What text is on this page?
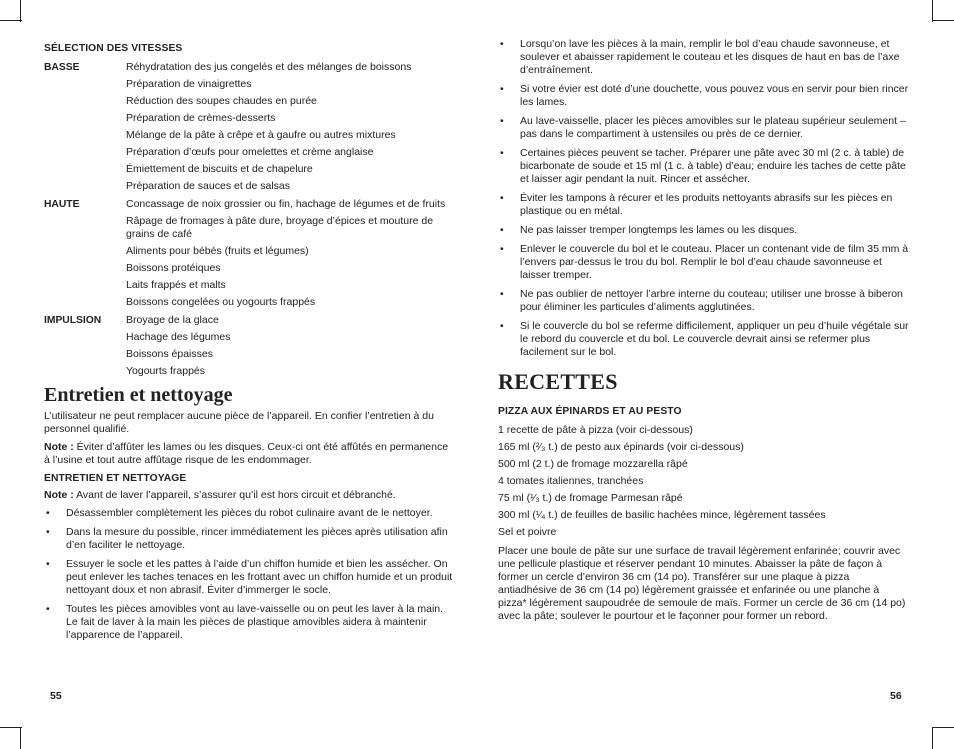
SÉLECTION DES VITESSES
BASSE	Réhydratation des jus congelés et des mélanges de boissons
Préparation de vinaigrettes
Réduction des soupes chaudes en purée
Préparation de crèmes-desserts
Mélange de la pâte à crêpe et à gaufre ou autres mixtures
Préparation d’œufs pour omelettes et crème anglaise
Émiettement de biscuits et de chapelure
Préparation de sauces et de salsas
HAUTE	Concassage de noix grossier ou fin, hachage de légumes et de fruits
Râpage de fromages à pâte dure, broyage d’épices et mouture de grains de café
Aliments pour bébés (fruits et légumes)
Boissons protéiques
Laits frappés et malts
Boissons congelées ou yogourts frappés
IMPULSION	Broyage de la glace
Hachage des légumes
Boissons épaisses
Yogourts frappés
Entretien et nettoyage

L’utilisateur ne peut remplacer aucune pièce de l’appareil. En confier l’entretien à du personnel qualifié.

Note : Éviter d’affûter les lames ou les disques. Ceux-ci ont été affûtés en permanence à l’usine et tout autre affûtage risque de les endommager.

ENTRETIEN ET NETTOYAGE

Note : Avant de laver l’appareil, s’assurer qu’il est hors circuit et débranché.

• Désassembler complètement les pièces du robot culinaire avant de le nettoyer.
• Dans la mesure du possible, rincer immédiatement les pièces après utilisation afin d’en faciliter le nettoyage.
• Essuyer le socle et les pattes à l’aide d’un chiffon humide et bien les assécher. On peut enlever les taches tenaces en les frottant avec un chiffon humide et un produit nettoyant doux et non abrasif. Éviter d’immerger le socle.
• Toutes les pièces amovibles vont au lave-vaisselle ou on peut les laver à la main. Le fait de laver à la main les pièces de plastique amovibles aidera à maintenir l’apparence de l’appareil.
55
• Lorsqu’on lave les pièces à la main, remplir le bol d’eau chaude savonneuse, et soulever et abaisser rapidement le couteau et les disques de haut en bas de l’axe d’entraînement.
• Si votre évier est doté d’une douchette, vous pouvez vous en servir pour bien rincer les lames.
• Au lave-vaisselle, placer les pièces amovibles sur le plateau supérieur seulement – pas dans le compartiment à ustensiles ou près de ce dernier.
• Certaines pièces peuvent se tacher. Préparer une pâte avec 30 ml (2 c. à table) de bicarbonate de soude et 15 ml (1 c. à table) d’eau; enduire les taches de cette pâte et laisser agir pendant la nuit. Rincer et assécher.
• Éviter les tampons à récurer et les produits nettoyants abrasifs sur les pièces en plastique ou en métal.
• Ne pas laisser tremper longtemps les lames ou les disques.
• Enlever le couvercle du bol et le couteau. Placer un contenant vide de film 35 mm à l’envers par-dessus le trou du bol. Remplir le bol d’eau chaude savonneuse et laisser tremper.
• Ne pas oublier de nettoyer l’arbre interne du couteau; utiliser une brosse à biberon pour éliminer les particules d’aliments agglutinées.
• Si le couvercle du bol se referme difficilement, appliquer un peu d’huile végétale sur le rebord du couvercle et du bol. Le couvercle devrait ainsi se refermer plus facilement sur le bol.
RECETTES
PIZZA AUX ÉPINARDS ET AU PESTO
1 recette de pâte à pizza (voir ci-dessous)
165 ml (²⁄₃ t.) de pesto aux épinards (voir ci-dessous)
500 ml (2 t.) de fromage mozzarella râpé
4 tomates italiennes, tranchées
75 ml (¹⁄₃ t.) de fromage Parmesan râpé
300 ml (¹⁄₄ t.) de feuilles de basilic hachées mince, légèrement tassées
Sel et poivre

Placer une boule de pâte sur une surface de travail légèrement enfarinée; couvrir avec une pellicule plastique et réserver pendant 10 minutes. Abaisser la pâte de façon à former un cercle d’environ 36 cm (14 po). Transférer sur une plaque à pizza antiadhésive de 36 cm (14 po) légèrement graissée et enfarinée ou une planche à pizza* légèrement saupoudrée de semoule de maïs. Former un cercle de 36 cm (14 po) avec la pâte; soulever le pourtour et le façonner pour former un rebord.

56
